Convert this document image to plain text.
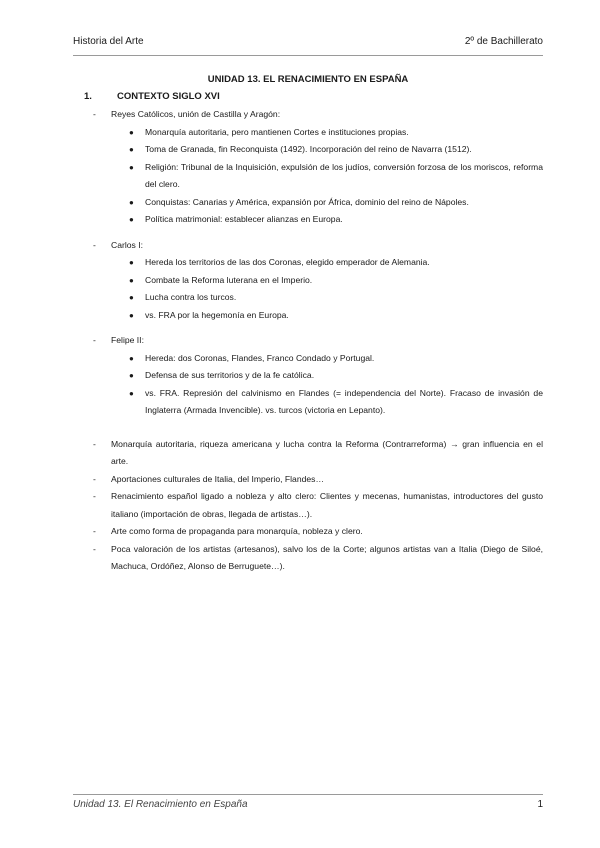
Historia del Arte	2º de Bachillerato
UNIDAD 13. EL RENACIMIENTO EN ESPAÑA
1.	CONTEXTO SIGLO XVI
- Reyes Católicos, unión de Castilla y Aragón:
● Monarquía autoritaria, pero mantienen Cortes e instituciones propias.
● Toma de Granada, fin Reconquista (1492). Incorporación del reino de Navarra (1512).
● Religión: Tribunal de la Inquisición, expulsión de los judíos, conversión forzosa de los moriscos, reforma del clero.
● Conquistas: Canarias y América, expansión por África, dominio del reino de Nápoles.
● Política matrimonial: establecer alianzas en Europa.
- Carlos I:
● Hereda los territorios de las dos Coronas, elegido emperador de Alemania.
● Combate la Reforma luterana en el Imperio.
● Lucha contra los turcos.
● vs. FRA por la hegemonía en Europa.
- Felipe II:
● Hereda: dos Coronas, Flandes, Franco Condado y Portugal.
● Defensa de sus territorios y de la fe católica.
● vs. FRA. Represión del calvinismo en Flandes (= independencia del Norte). Fracaso de invasión de Inglaterra (Armada Invencible). vs. turcos (victoria en Lepanto).
- Monarquía autoritaria, riqueza americana y lucha contra la Reforma (Contrarreforma) → gran influencia en el arte.
- Aportaciones culturales de Italia, del Imperio, Flandes…
- Renacimiento español ligado a nobleza y alto clero: Clientes y mecenas, humanistas, introductores del gusto italiano (importación de obras, llegada de artistas…).
- Arte como forma de propaganda para monarquía, nobleza y clero.
- Poca valoración de los artistas (artesanos), salvo los de la Corte; algunos artistas van a Italia (Diego de Siloé, Machuca, Ordóñez, Alonso de Berruguete…).
Unidad 13. El Renacimiento en España	1
